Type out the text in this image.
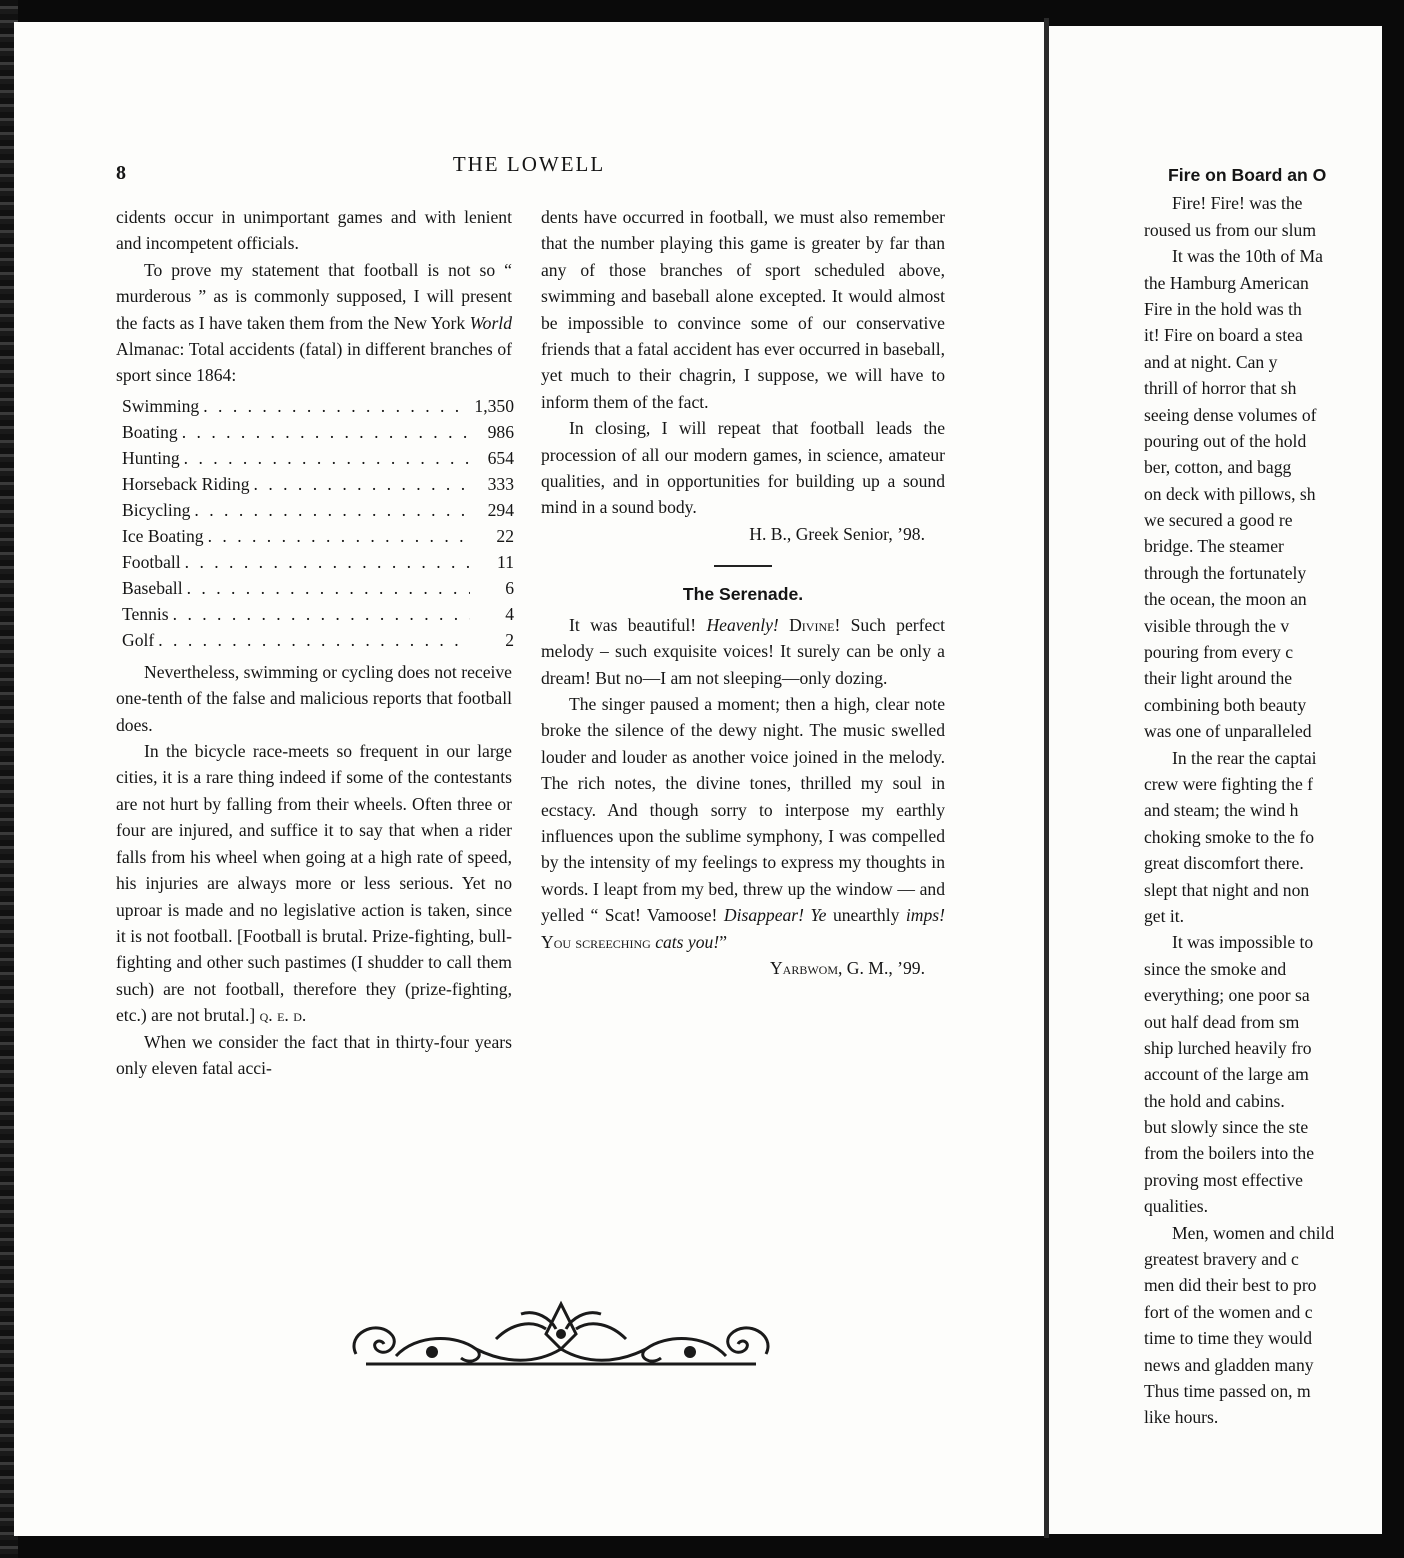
8	THE LOWELL

cidents occur in unimportant games and with lenient and incompetent officials.

To prove my statement that football is not so “ murderous ” as is commonly supposed, I will present the facts as I have taken them from the New York World Almanac: Total accidents (fatal) in different branches of sport since 1864:

Swimming . . .	1,350
Boating . . .	986
Hunting . . .	654
Horseback Riding . . .	333
Bicycling . . .	294
Ice Boating . . .	22
Football . . .	11
Baseball . . .	6
Tennis . . .	4
Golf . . .	2

Nevertheless, swimming or cycling does not receive one-tenth of the false and malicious reports that football does.

In the bicycle race-meets so frequent in our large cities, it is a rare thing indeed if some of the contestants are not hurt by falling from their wheels. Often three or four are injured, and suffice it to say that when a rider falls from his wheel when going at a high rate of speed, his injuries are always more or less serious. Yet no uproar is made and no legislative action is taken, since it is not football. [Football is brutal. Prize-fighting, bull-fighting and other such pastimes (I shudder to call them such) are not football, therefore they (prize-fighting, etc.) are not brutal.] q. e. d.

When we consider the fact that in thirty-four years only eleven fatal acci-

dents have occurred in football, we must also remember that the number playing this game is greater by far than any of those branches of sport scheduled above, swimming and baseball alone excepted. It would almost be impossible to convince some of our conservative friends that a fatal accident has ever occurred in baseball, yet much to their chagrin, I suppose, we will have to inform them of the fact.

In closing, I will repeat that football leads the procession of all our modern games, in science, amateur qualities, and in opportunities for building up a sound mind in a sound body.

H. B., Greek Senior, ’98.

The Serenade.

It was beautiful! Heavenly! Divine! Such perfect melody – such exquisite voices! It surely can be only a dream! But no—I am not sleeping—only dozing.

The singer paused a moment; then a high, clear note broke the silence of the dewy night. The music swelled louder and louder as another voice joined in the melody. The rich notes, the divine tones, thrilled my soul in ecstacy. And though sorry to interpose my earthly influences upon the sublime symphony, I was compelled by the intensity of my feelings to express my thoughts in words. I leapt from my bed, threw up the window — and yelled “ Scat! Vamoose! Disappear! Ye unearthly imps! You screeching cats you!”

Yarbwom, G. M., ’99.

Fire on Board an O
Fire! Fire! was the
roused us from our slum
It was the 10th of Ma
the Hamburg American
Fire in the hold was th
it! Fire on board a stea
and at night. Can y
thrill of horror that sh
seeing dense volumes of
pouring out of the hold
ber, cotton, and bagg
on deck with pillows, sh
we secured a good re
bridge. The steamer
through the fortunately
the ocean, the moon an
visible through the v
pouring from every c
their light around the
combining both beauty
was one of unparalleled
In the rear the captai
crew were fighting the f
and steam; the wind h
choking smoke to the fo
great discomfort there.
slept that night and non
get it.
It was impossible to
since the smoke and
everything; one poor sa
out half dead from sm
ship lurched heavily fro
account of the large am
the hold and cabins.
but slowly since the ste
from the boilers into the
proving most effective
qualities.
Men, women and child
greatest bravery and c
men did their best to pro
fort of the women and c
time to time they would
news and gladden many
Thus time passed on, m
like hours.
